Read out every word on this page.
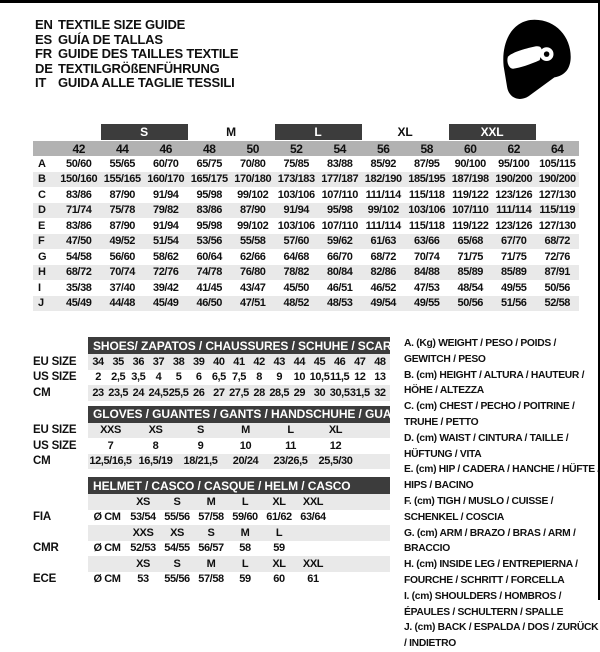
EN TEXTILE SIZE GUIDE
ES GUÍA DE TALLAS
FR GUIDE DES TAILLES TEXTILE
DE TEXTILGRÖßENFÜHRUNG
IT GUIDA ALLE TAGLIE TESSILI
S	M	L	XL	XXL
42	44	46	48	50	52	54	56	58	60	62	64
A	50/60	55/65	60/70	65/75	70/80	75/85	83/88	85/92	87/95	90/100	95/100 105/115
B	150/160 155/165 160/170 165/175 170/180 173/183 177/187 182/190 185/195 187/198 190/200 190/200
C	83/86	87/90	91/94	95/98	99/102 103/106 107/110 111/114 115/118 119/122 123/126 127/130
D	71/74	75/78	79/82	83/86	87/90	91/94	95/98	99/102 103/106 107/110 111/114 115/119
E	83/86	87/90	91/94	95/98	99/102 103/106 107/110 111/114 115/118 119/122 123/126 127/130
F	47/50	49/52	51/54	53/56	55/58	57/60	59/62	61/63	63/66	65/68	67/70	68/72
G	54/58	56/60	58/62	60/64	62/66	64/68	66/70	68/72	70/74	71/75	71/75	72/76
H	68/72	70/74	72/76	74/78	76/80	78/82	80/84	82/86	84/88	85/89	85/89	87/91
I	35/38	37/40	39/42	41/45	43/47	45/50	46/51	46/52	47/53	48/54	49/55	50/56
J	45/49	44/48	45/49	46/50	47/51	48/52	48/53	49/54	49/55	50/56	51/56	52/58
SHOES/ ZAPATOS / CHAUSSURES / SCHUHE / SCARPE
EU SIZE	34 35 36 37 38 39 40 41 42 43 44 45 46 47 48
US SIZE	2 2,5 3,5 4	5	6 6,5 7,5 8	9	10 10,5 11,5 12 13
CM	23 23,5 24 24,5 25,5 26 27 27,5 28 28,5 29 30 30,5 31,5 32
GLOVES / GUANTES / GANTS / HANDSCHUHE / GUANTI
EU SIZE	XXS	XS	S	M	L	XL
US SIZE	7	8	9	10	11	12
CM	12,5/16,5 16,5/19	18/21,5	20/24	23/26,5	25,5/30
HELMET / CASCO / CASQUE / HELM / CASCO
XS	S	M	L	XL	XXL
FIA	Ø CM 53/54 55/56 57/58 59/60 61/62 63/64
XXS	XS	S	M	L
CMR	Ø CM 52/53 54/55 56/57	58	59
XS	S	M	L	XL	XXL
ECE	Ø CM	53	55/56 57/58	59	60	61
A. (Kg) WEIGHT / PESO / POIDS / GEWITCH / PESO
B. (cm) HEIGHT / ALTURA / HAUTEUR / HÖHE / ALTEZZA
C. (cm) CHEST / PECHO / POITRINE / TRUHE / PETTO
D. (cm) WAIST / CINTURA / TAILLE / HÜFTUNG / VITA
E. (cm) HIP / CADERA / HANCHE / HÜFTE / HIPS / BACINO
F. (cm) TIGH / MUSLO / CUISSE / SCHENKEL / COSCIA
G. (cm) ARM / BRAZO / BRAS / ARM / BRACCIO
H. (cm) INSIDE LEG / ENTREPIERNA / FOURCHE / SCHRITT / FORCELLA
I. (cm) SHOULDERS / HOMBROS / ÉPAULES / SCHULTERN / SPALLE
J. (cm) BACK / ESPALDA / DOS / ZURÜCK / INDIETRO
